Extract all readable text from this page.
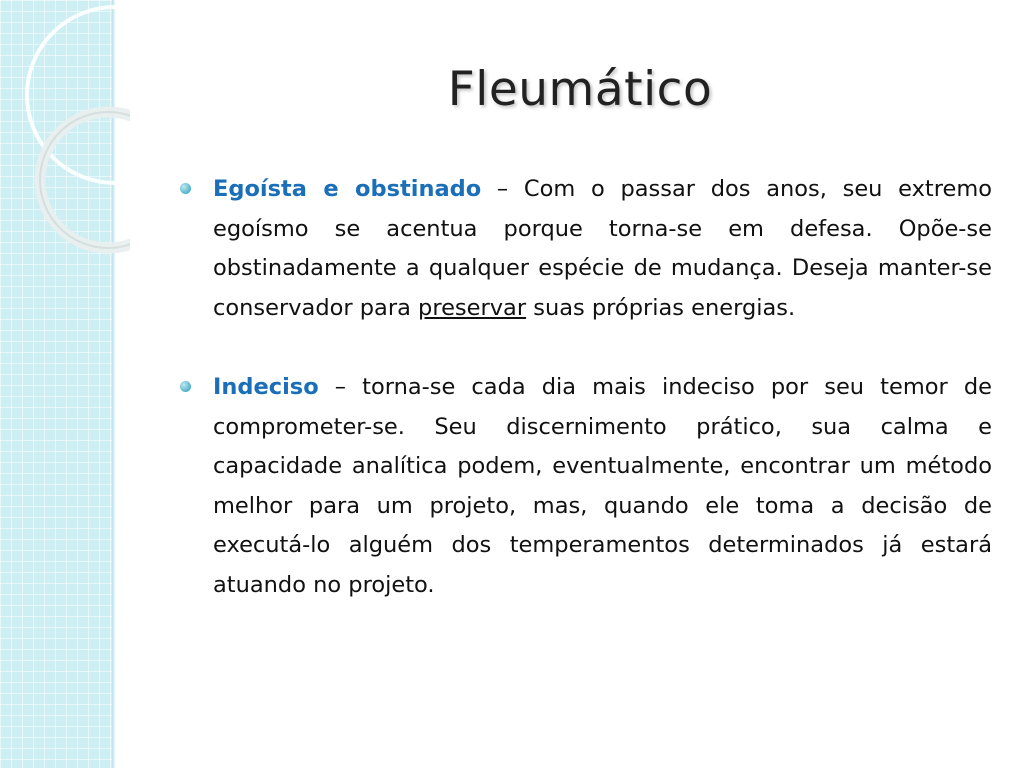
Fleumático
Egoísta e obstinado – Com o passar dos anos, seu extremo egoísmo se acentua porque torna-se em defesa. Opõe-se obstinadamente a qualquer espécie de mudança. Deseja manter-se conservador para preservar suas próprias energias.
Indeciso – torna-se cada dia mais indeciso por seu temor de comprometer-se. Seu discernimento prático, sua calma e capacidade analítica podem, eventualmente, encontrar um método melhor para um projeto, mas, quando ele toma a decisão de executá-lo alguém dos temperamentos determinados já estará atuando no projeto.
